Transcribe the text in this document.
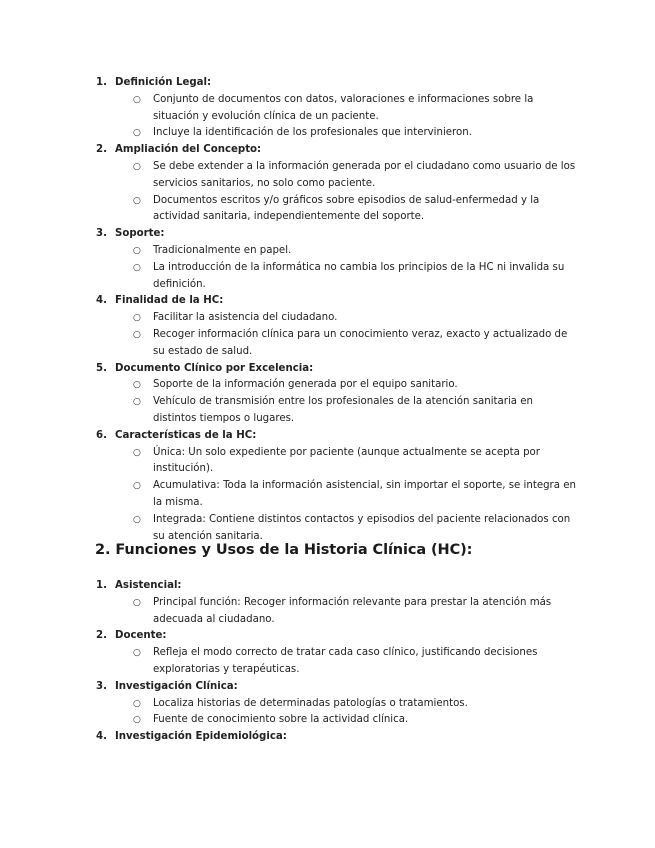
1. Definición Legal:
○ Conjunto de documentos con datos, valoraciones e informaciones sobre la situación y evolución clínica de un paciente.
○ Incluye la identificación de los profesionales que intervinieron.
2. Ampliación del Concepto:
○ Se debe extender a la información generada por el ciudadano como usuario de los servicios sanitarios, no solo como paciente.
○ Documentos escritos y/o gráficos sobre episodios de salud-enfermedad y la actividad sanitaria, independientemente del soporte.
3. Soporte:
○ Tradicionalmente en papel.
○ La introducción de la informática no cambia los principios de la HC ni invalida su definición.
4. Finalidad de la HC:
○ Facilitar la asistencia del ciudadano.
○ Recoger información clínica para un conocimiento veraz, exacto y actualizado de su estado de salud.
5. Documento Clínico por Excelencia:
○ Soporte de la información generada por el equipo sanitario.
○ Vehículo de transmisión entre los profesionales de la atención sanitaria en distintos tiempos o lugares.
6. Características de la HC:
○ Única: Un solo expediente por paciente (aunque actualmente se acepta por institución).
○ Acumulativa: Toda la información asistencial, sin importar el soporte, se integra en la misma.
○ Integrada: Contiene distintos contactos y episodios del paciente relacionados con su atención sanitaria.
2. Funciones y Usos de la Historia Clínica (HC):
1. Asistencial:
○ Principal función: Recoger información relevante para prestar la atención más adecuada al ciudadano.
2. Docente:
○ Refleja el modo correcto de tratar cada caso clínico, justificando decisiones exploratorias y terapéuticas.
3. Investigación Clínica:
○ Localiza historias de determinadas patologías o tratamientos.
○ Fuente de conocimiento sobre la actividad clínica.
4. Investigación Epidemiológica:
